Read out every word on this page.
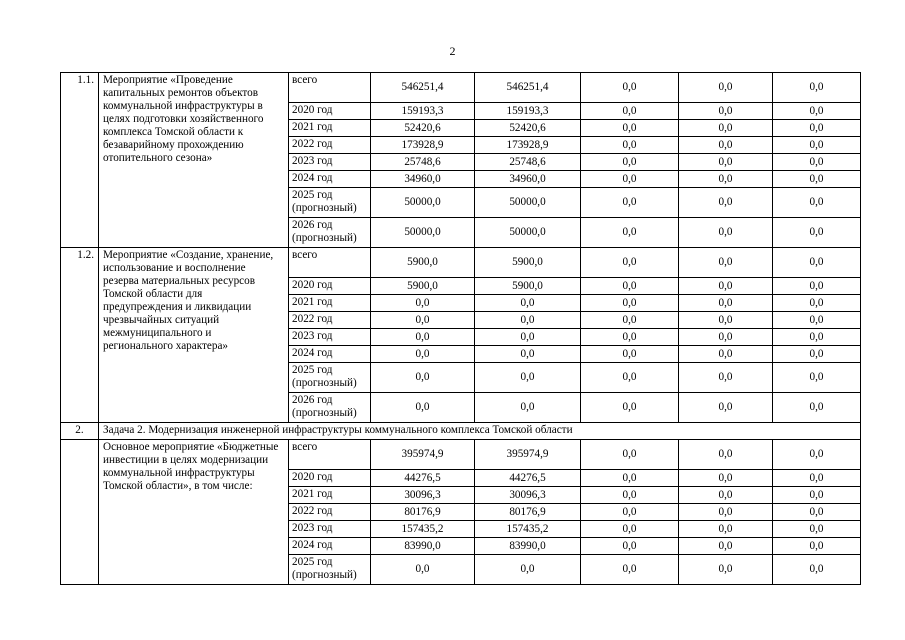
2
1.1.	Мероприятие «Проведение капитальных ремонтов объектов коммунальной инфраструктуры в целях подготовки хозяйственного комплекса Томской области к безаварийному прохождению отопительного сезона»	всего	546251,4	546251,4	0,0	0,0	0,0
		2020 год	159193,3	159193,3	0,0	0,0	0,0
		2021 год	52420,6	52420,6	0,0	0,0	0,0
		2022 год	173928,9	173928,9	0,0	0,0	0,0
		2023 год	25748,6	25748,6	0,0	0,0	0,0
		2024 год	34960,0	34960,0	0,0	0,0	0,0
		2025 год (прогнозный)	50000,0	50000,0	0,0	0,0	0,0
		2026 год (прогнозный)	50000,0	50000,0	0,0	0,0	0,0
1.2.	Мероприятие «Создание, хранение, использование и восполнение резерва материальных ресурсов Томской области для предупреждения и ликвидации чрезвычайных ситуаций межмуниципального и регионального характера»	всего	5900,0	5900,0	0,0	0,0	0,0
		2020 год	5900,0	5900,0	0,0	0,0	0,0
		2021 год	0,0	0,0	0,0	0,0	0,0
		2022 год	0,0	0,0	0,0	0,0	0,0
		2023 год	0,0	0,0	0,0	0,0	0,0
		2024 год	0,0	0,0	0,0	0,0	0,0
		2025 год (прогнозный)	0,0	0,0	0,0	0,0	0,0
		2026 год (прогнозный)	0,0	0,0	0,0	0,0	0,0
2.	Задача 2. Модернизация инженерной инфраструктуры коммунального комплекса Томской области						
	Основное мероприятие «Бюджетные инвестиции в целях модернизации коммунальной инфраструктуры Томской области», в том числе:	всего	395974,9	395974,9	0,0	0,0	0,0
		2020 год	44276,5	44276,5	0,0	0,0	0,0
		2021 год	30096,3	30096,3	0,0	0,0	0,0
		2022 год	80176,9	80176,9	0,0	0,0	0,0
		2023 год	157435,2	157435,2	0,0	0,0	0,0
		2024 год	83990,0	83990,0	0,0	0,0	0,0
		2025 год (прогнозный)	0,0	0,0	0,0	0,0	0,0
